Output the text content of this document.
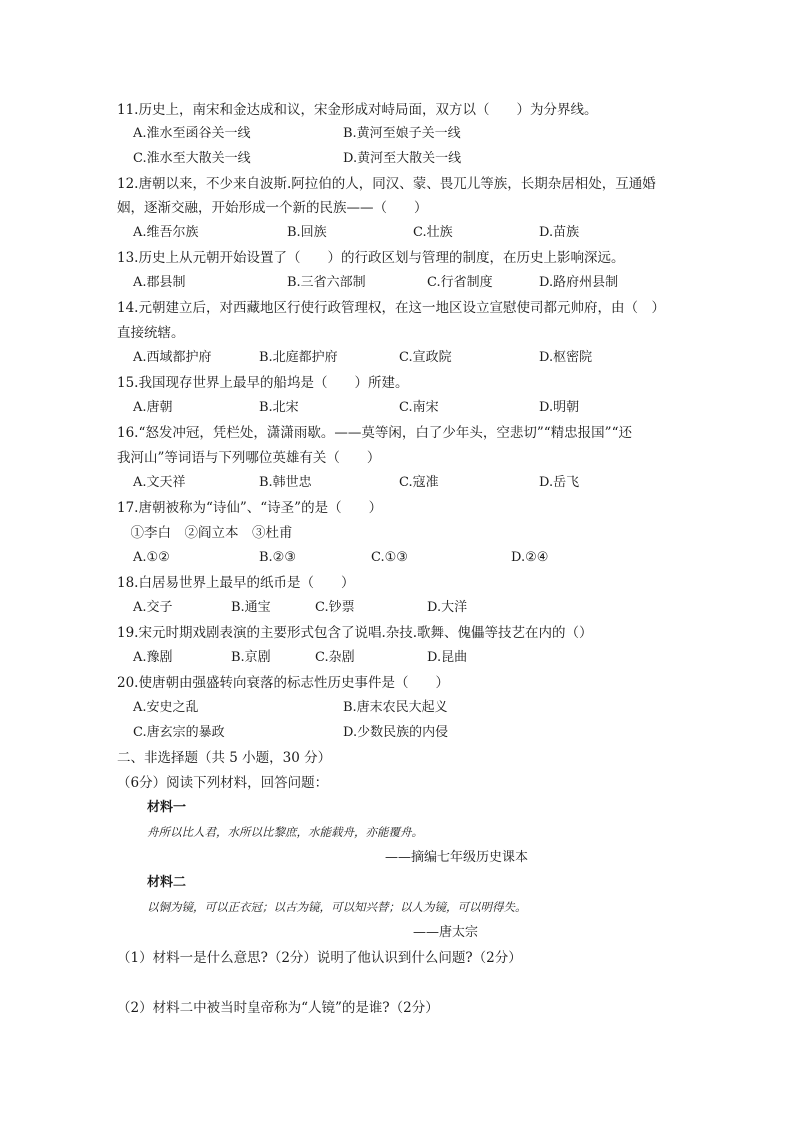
11.历史上，南宋和金达成和议，宋金形成对峙局面，双方以（　　）为分界线。
A.淮水至函谷关一线	B.黄河至娘子关一线
C.淮水至大散关一线	D.黄河至大散关一线
12.唐朝以来，不少来自波斯.阿拉伯的人，同汉、蒙、畏兀儿等族，长期杂居相处，互通婚
姻，逐渐交融，开始形成一个新的民族——（　　）
A.维吾尔族	B.回族	C.壮族	D.苗族
13.历史上从元朝开始设置了（　　）的行政区划与管理的制度，在历史上影响深远。
A.郡县制	B.三省六部制	C.行省制度	D.路府州县制
14.元朝建立后，对西藏地区行使行政管理权，在这一地区设立宣慰使司都元帅府，由（　）
直接统辖。
A.西域都护府	B.北庭都护府	C.宣政院	D.枢密院
15.我国现存世界上最早的船坞是（　　）所建。
A.唐朝	B.北宋	C.南宋	D.明朝
16.“怒发冲冠，凭栏处，潇潇雨歇。——莫等闲，白了少年头，空悲切”“精忠报国”“还
我河山”等词语与下列哪位英雄有关（　　）
A.文天祥	B.韩世忠	C.寇准	D.岳飞
17.唐朝被称为“诗仙”、“诗圣”的是（　　）
　①李白　②阎立本　③杜甫
A.①②	B.②③	C.①③	D.②④
18.白居易世界上最早的纸币是（　　）
A.交子	B.通宝	C.钞票	D.大洋
19.宋元时期戏剧表演的主要形式包含了说唱.杂技.歌舞、傀儡等技艺在内的（）
A.豫剧	B.京剧	C.杂剧	D.昆曲
20.使唐朝由强盛转向衰落的标志性历史事件是（　　）
A.安史之乱	B.唐末农民大起义
C.唐玄宗的暴政	D.少数民族的内侵
二、非选择题（共 5 小题，30 分）
（6分）阅读下列材料，回答问题：
材料一
舟所以比人君，水所以比黎庶，水能载舟，亦能覆舟。
——摘编七年级历史课本
材料二
以铜为镜，可以正衣冠；以古为镜，可以知兴替；以人为镜，可以明得失。
——唐太宗
（1）材料一是什么意思?（2分）说明了他认识到什么问题?（2分）
（2）材料二中被当时皇帝称为“人镜”的是谁?（2分）
